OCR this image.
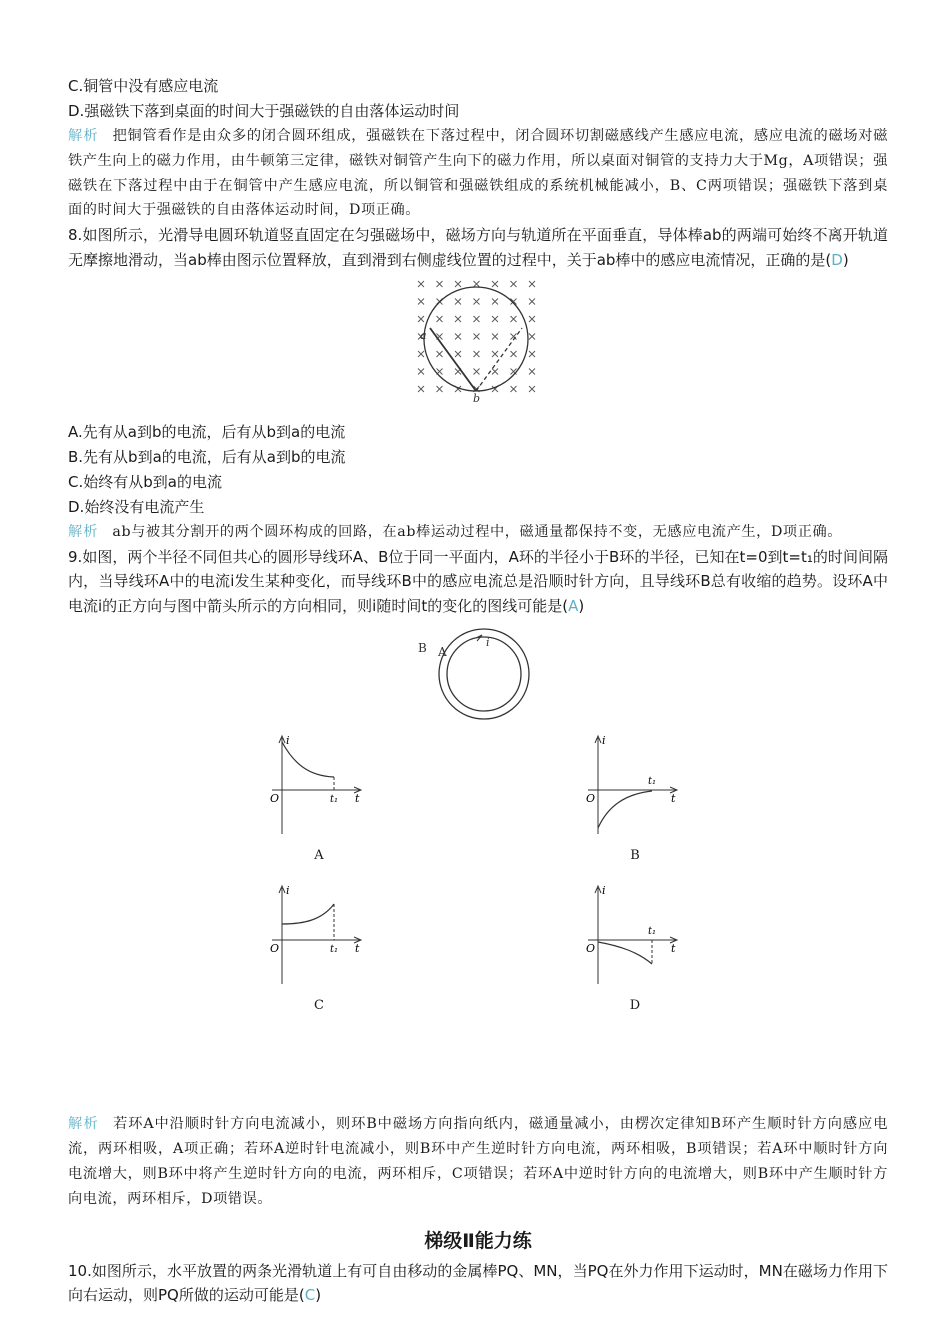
C.铜管中没有感应电流
D.强磁铁下落到桌面的时间大于强磁铁的自由落体运动时间
解析 把铜管看作是由众多的闭合圆环组成，强磁铁在下落过程中，闭合圆环切割磁感线产生感应电流，感应电流的磁场对磁铁产生向上的磁力作用，由牛顿第三定律，磁铁对铜管产生向下的磁力作用，所以桌面对铜管的支持力大于Mg，A项错误；强磁铁在下落过程中由于在铜管中产生感应电流，所以铜管和强磁铁组成的系统机械能减小，B、C两项错误；强磁铁下落到桌面的时间大于强磁铁的自由落体运动时间，D项正确。
8.如图所示，光滑导电圆环轨道竖直固定在匀强磁场中，磁场方向与轨道所在平面垂直，导体棒ab的两端可始终不离开轨道无摩擦地滑动，当ab棒由图示位置释放，直到滑到右侧虚线位置的过程中，关于ab棒中的感应电流情况，正确的是(D)
a
b
A.先有从a到b的电流，后有从b到a的电流
B.先有从b到a的电流，后有从a到b的电流
C.始终有从b到a的电流
D.始终没有电流产生
解析 ab与被其分割开的两个圆环构成的回路，在ab棒运动过程中，磁通量都保持不变，无感应电流产生，D项正确。
9.如图，两个半径不同但共心的圆形导线环A、B位于同一平面内，A环的半径小于B环的半径，已知在t=0到t=t₁的时间间隔内，当导线环A中的电流i发生某种变化，而导线环B中的感应电流总是沿顺时针方向，且导线环B总有收缩的趋势。设环A中电流i的正方向与图中箭头所示的方向相同，则i随时间t的变化的图线可能是(A)
B A
i
i
O	t₁ t
A
i
O
t₁
t
B
i
O	t₁ t
C
i
O
t₁
t
D
解析 若环A中沿顺时针方向电流减小，则环B中磁场方向指向纸内，磁通量减小，由楞次定律知B环产生顺时针方向感应电流，两环相吸，A项正确；若环A逆时针电流减小，则B环中产生逆时针方向电流，两环相吸，B项错误；若A环中顺时针方向电流增大，则B环中将产生逆时针方向的电流，两环相斥，C项错误；若环A中逆时针方向的电流增大，则B环中产生顺时针方向电流，两环相斥，D项错误。
梯级Ⅱ能力练
10.如图所示，水平放置的两条光滑轨道上有可自由移动的金属棒PQ、MN，当PQ在外力作用下运动时，MN在磁场力作用下向右运动，则PQ所做的运动可能是(C)
